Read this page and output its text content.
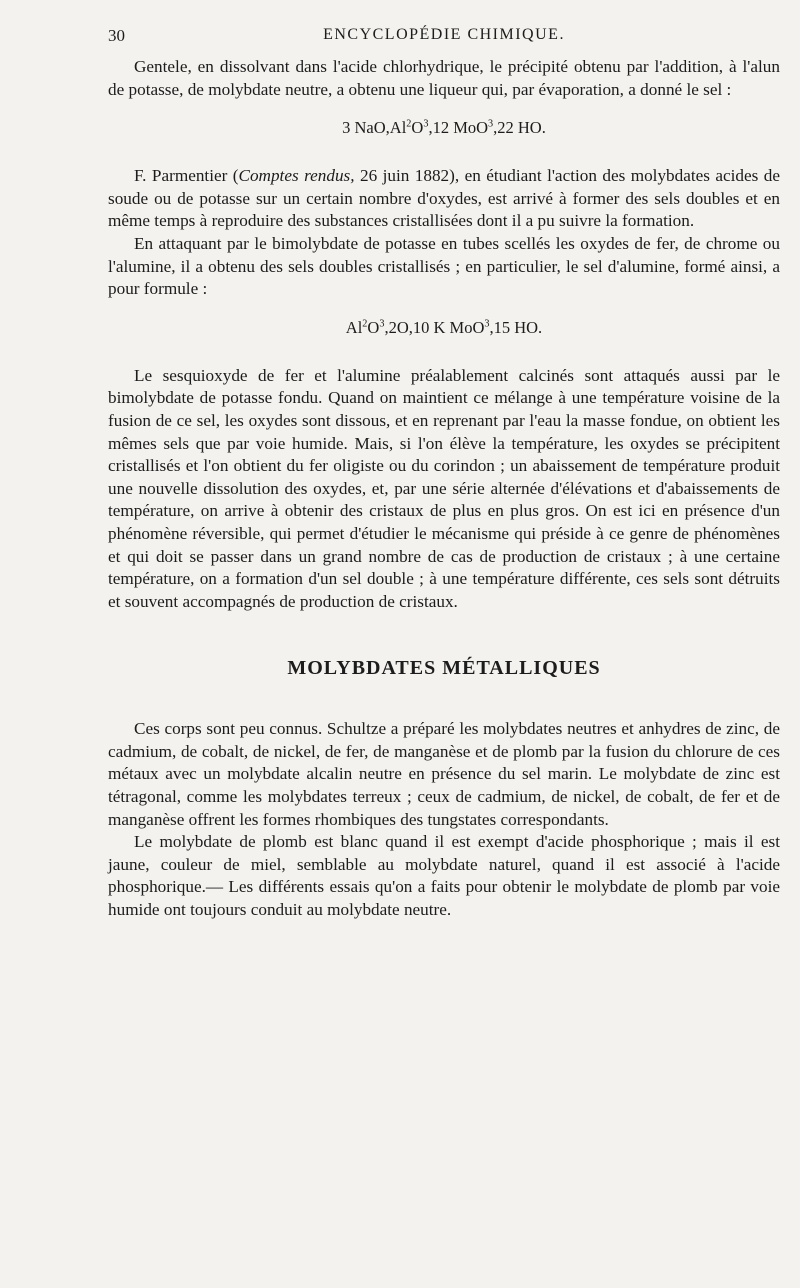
30	ENCYCLOPÉDIE CHIMIQUE.

Gentele, en dissolvant dans l'acide chlorhydrique, le précipité obtenu par l'addition, à l'alun de potasse, de molybdate neutre, a obtenu une liqueur qui, par évaporation, a donné le sel :

3 $NaO,Al^2O^3,12$ MoO$^3$,22 HO.

F. Parmentier (Comptes rendus, 26 juin 1882), en étudiant l'action des molybdates acides de soude ou de potasse sur un certain nombre d'oxydes, est arrivé à former des sels doubles et en même temps à reproduire des substances cristallisées dont il a pu suivre la formation.

En attaquant par le bimolybdate de potasse en tubes scellés les oxydes de fer, de chrome ou l'alumine, il a obtenu des sels doubles cristallisés ; en particulier, le sel d'alumine, formé ainsi, a pour formule :

$Al^2O^3,2O,10$ K MoO$^3$,15 HO.

Le sesquioxyde de fer et l'alumine préalablement calcinés sont attaqués aussi par le bimolybdate de potasse fondu. Quand on maintient ce mélange à une température voisine de la fusion de ce sel, les oxydes sont dissous, et en reprenant par l'eau la masse fondue, on obtient les mêmes sels que par voie humide. Mais, si l'on élève la température, les oxydes se précipitent cristallisés et l'on obtient du fer oligiste ou du corindon ; un abaissement de température produit une nouvelle dissolution des oxydes, et, par une série alternée d'élévations et d'abaissements de température, on arrive à obtenir des cristaux de plus en plus gros. On est ici en présence d'un phénomène réversible, qui permet d'étudier le mécanisme qui préside à ce genre de phénomènes et qui doit se passer dans un grand nombre de cas de production de cristaux ; à une certaine température, on a formation d'un sel double ; à une température différente, ces sels sont détruits et souvent accompagnés de production de cristaux.

MOLYBDATES MÉTALLIQUES

Ces corps sont peu connus. Schultze a préparé les molybdates neutres et anhydres de zinc, de cadmium, de cobalt, de nickel, de fer, de manganèse et de plomb par la fusion du chlorure de ces métaux avec un molybdate alcalin neutre en présence du sel marin. Le molybdate de zinc est tétragonal, comme les molybdates terreux ; ceux de cadmium, de nickel, de cobalt, de fer et de manganèse offrent les formes rhombiques des tungstates correspondants.

Le molybdate de plomb est blanc quand il est exempt d'acide phosphorique ; mais il est jaune, couleur de miel, semblable au molybdate naturel, quand il est associé à l'acide phosphorique.— Les différents essais qu'on a faits pour obtenir le molybdate de plomb par voie humide ont toujours conduit au molybdate neutre.
